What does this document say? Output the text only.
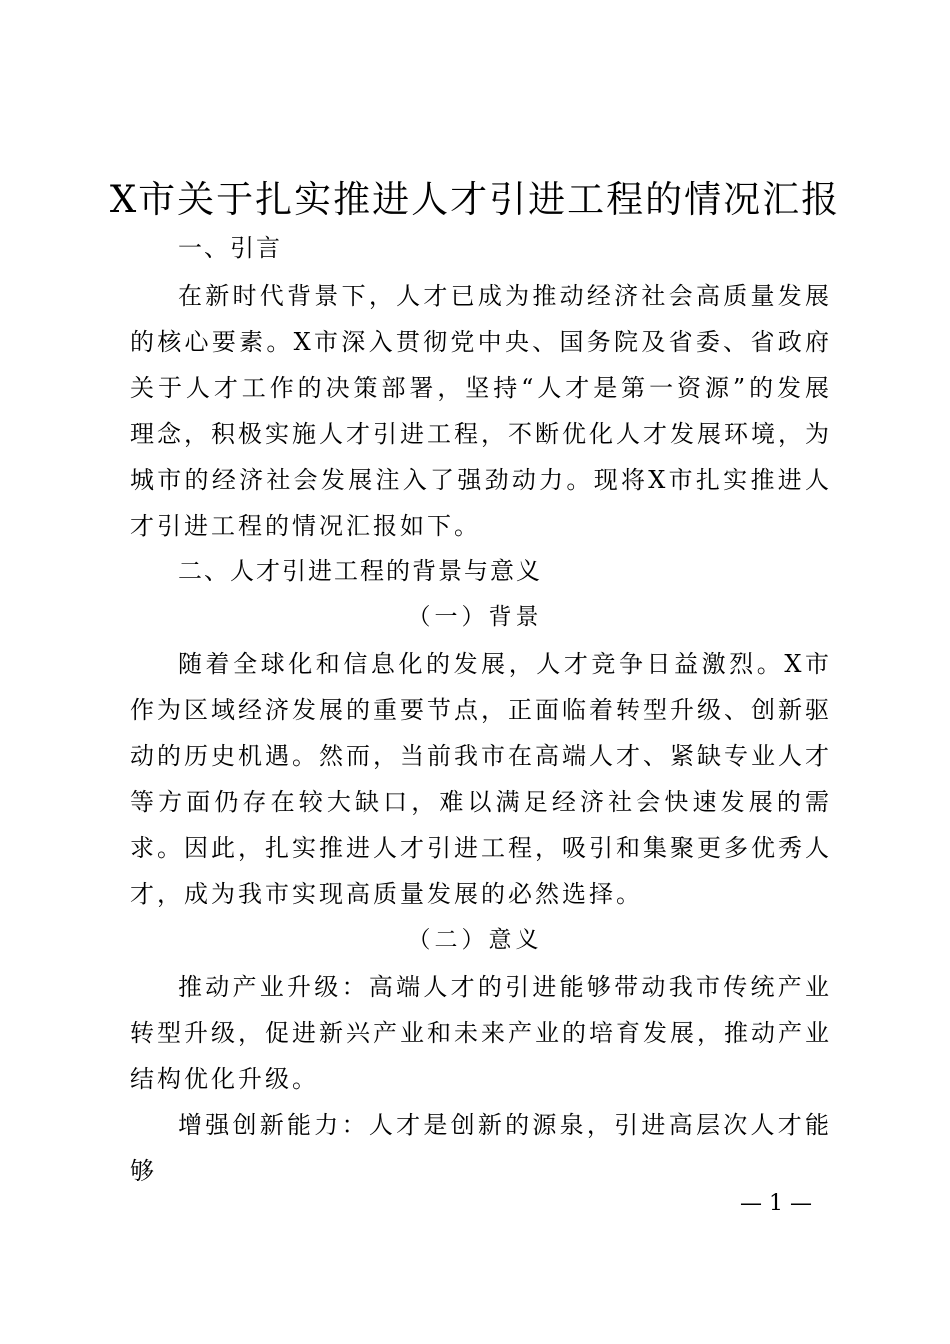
X市关于扎实推进人才引进工程的情况汇报
一、引言

在新时代背景下，人才已成为推动经济社会高质量发展的核心要素。X市深入贯彻党中央、国务院及省委、省政府关于人才工作的决策部署，坚持“人才是第一资源”的发展理念，积极实施人才引进工程，不断优化人才发展环境，为城市的经济社会发展注入了强劲动力。现将X市扎实推进人才引进工程的情况汇报如下。

二、人才引进工程的背景与意义
（一）背景

随着全球化和信息化的发展，人才竞争日益激烈。X市作为区域经济发展的重要节点，正面临着转型升级、创新驱动的历史机遇。然而，当前我市在高端人才、紧缺专业人才等方面仍存在较大缺口，难以满足经济社会快速发展的需求。因此，扎实推进人才引进工程，吸引和集聚更多优秀人才，成为我市实现高质量发展的必然选择。

（二）意义

推动产业升级：高端人才的引进能够带动我市传统产业转型升级，促进新兴产业和未来产业的培育发展，推动产业结构优化升级。

增强创新能力：人才是创新的源泉，引进高层次人才能够

— 1 —
